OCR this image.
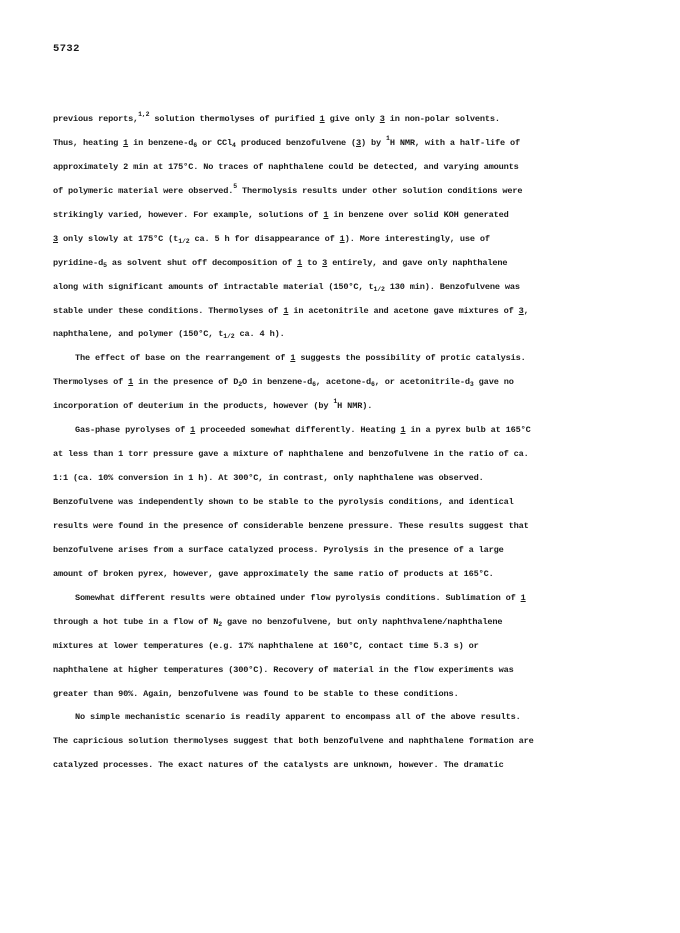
5732
previous reports,$^{1,2}$ solution thermolyses of purified 1 give only 3 in non-polar solvents.
Thus, heating 1 in benzene-$d_6$ or CCl$_4$ produced benzofulvene (3) by $^1$H NMR, with a half-life of
approximately 2 min at 175°C. No traces of naphthalene could be detected, and varying amounts
of polymeric material were observed.$^5$ Thermolysis results under other solution conditions were
strikingly varied, however. For example, solutions of 1 in benzene over solid KOH generated
3 only slowly at 175°C ($t_{1/2}$ ca. 5 h for disappearance of 1). More interestingly, use of
pyridine-$d_5$ as solvent shut off decomposition of 1 to 3 entirely, and gave only naphthalene
along with significant amounts of intractable material (150°C, $t_{1/2}$ 130 min). Benzofulvene was
stable under these conditions. Thermolyses of 1 in acetonitrile and acetone gave mixtures of 3,
naphthalene, and polymer (150°C, $t_{1/2}$ ca. 4 h).
The effect of base on the rearrangement of 1 suggests the possibility of protic catalysis.
Thermolyses of 1 in the presence of $D_2O$ in benzene-$d_6$, acetone-$d_6$, or acetonitrile-$d_3$ gave no
incorporation of deuterium in the products, however (by $^1$H NMR).
Gas-phase pyrolyses of 1 proceeded somewhat differently. Heating 1 in a pyrex bulb at 165°C
at less than 1 torr pressure gave a mixture of naphthalene and benzofulvene in the ratio of ca.
1:1 (ca. 10% conversion in 1 h). At 300°C, in contrast, only naphthalene was observed.
Benzofulvene was independently shown to be stable to the pyrolysis conditions, and identical
results were found in the presence of considerable benzene pressure. These results suggest that
benzofulvene arises from a surface catalyzed process. Pyrolysis in the presence of a large
amount of broken pyrex, however, gave approximately the same ratio of products at 165°C.
Somewhat different results were obtained under flow pyrolysis conditions. Sublimation of 1
through a hot tube in a flow of $N_2$ gave no benzofulvene, but only naphthvalene/naphthalene
mixtures at lower temperatures (e.g. 17% naphthalene at 160°C, contact time 5.3 s) or
naphthalene at higher temperatures (300°C). Recovery of material in the flow experiments was
greater than 90%. Again, benzofulvene was found to be stable to these conditions.
No simple mechanistic scenario is readily apparent to encompass all of the above results.
The capricious solution thermolyses suggest that both benzofulvene and naphthalene formation are
catalyzed processes. The exact natures of the catalysts are unknown, however. The dramatic
